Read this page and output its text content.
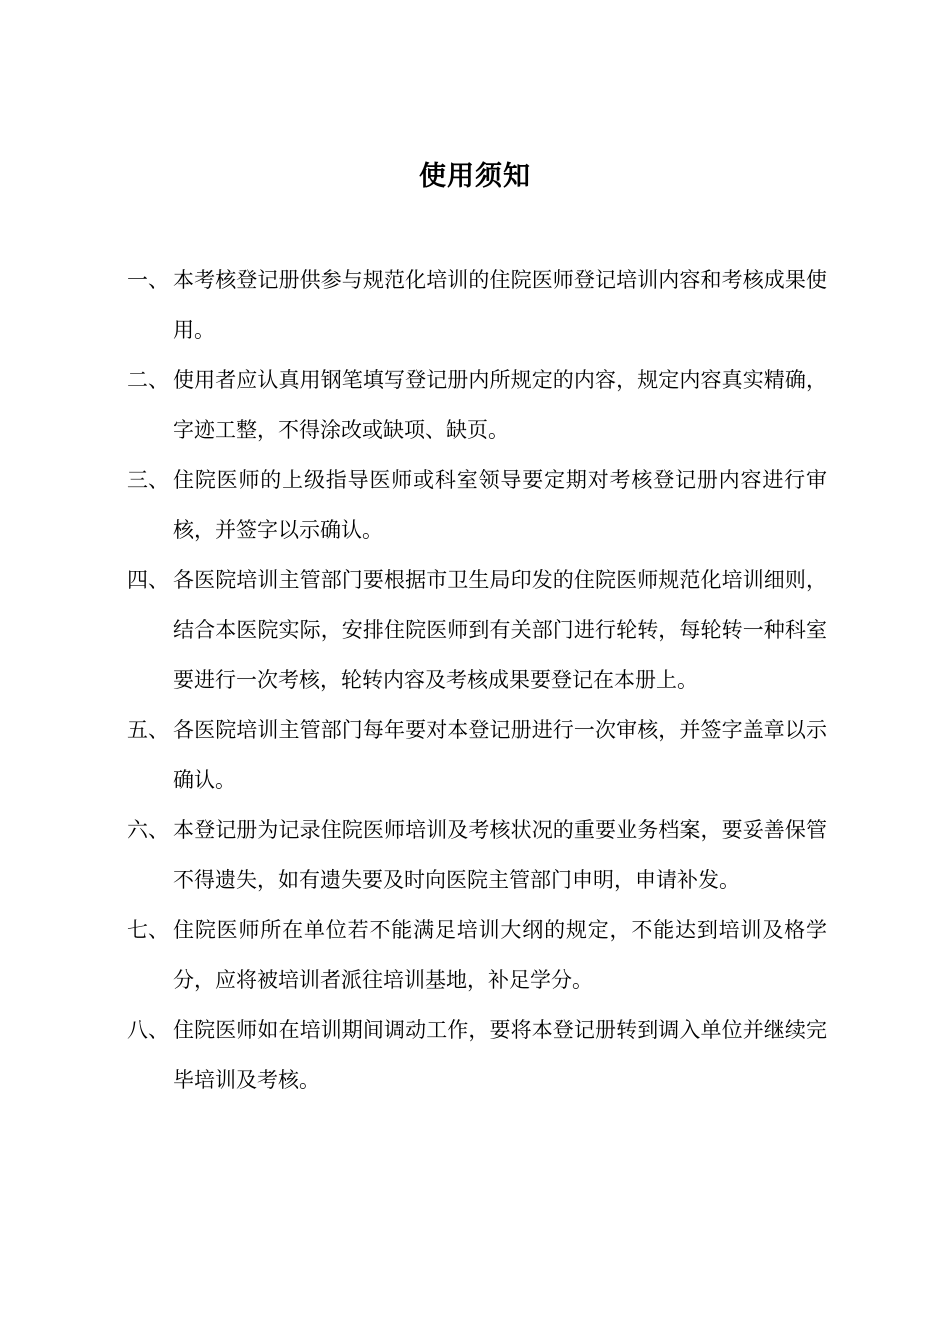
使用须知
一、 本考核登记册供参与规范化培训的住院医师登记培训内容和考核成果使用。
二、 使用者应认真用钢笔填写登记册内所规定的内容，规定内容真实精确，字迹工整，不得涂改或缺项、缺页。
三、 住院医师的上级指导医师或科室领导要定期对考核登记册内容进行审核，并签字以示确认。
四、 各医院培训主管部门要根据市卫生局印发的住院医师规范化培训细则，结合本医院实际，安排住院医师到有关部门进行轮转，每轮转一种科室要进行一次考核，轮转内容及考核成果要登记在本册上。
五、 各医院培训主管部门每年要对本登记册进行一次审核，并签字盖章以示确认。
六、 本登记册为记录住院医师培训及考核状况的重要业务档案，要妥善保管不得遗失，如有遗失要及时向医院主管部门申明，申请补发。
七、 住院医师所在单位若不能满足培训大纲的规定，不能达到培训及格学分，应将被培训者派往培训基地，补足学分。
八、 住院医师如在培训期间调动工作，要将本登记册转到调入单位并继续完毕培训及考核。
